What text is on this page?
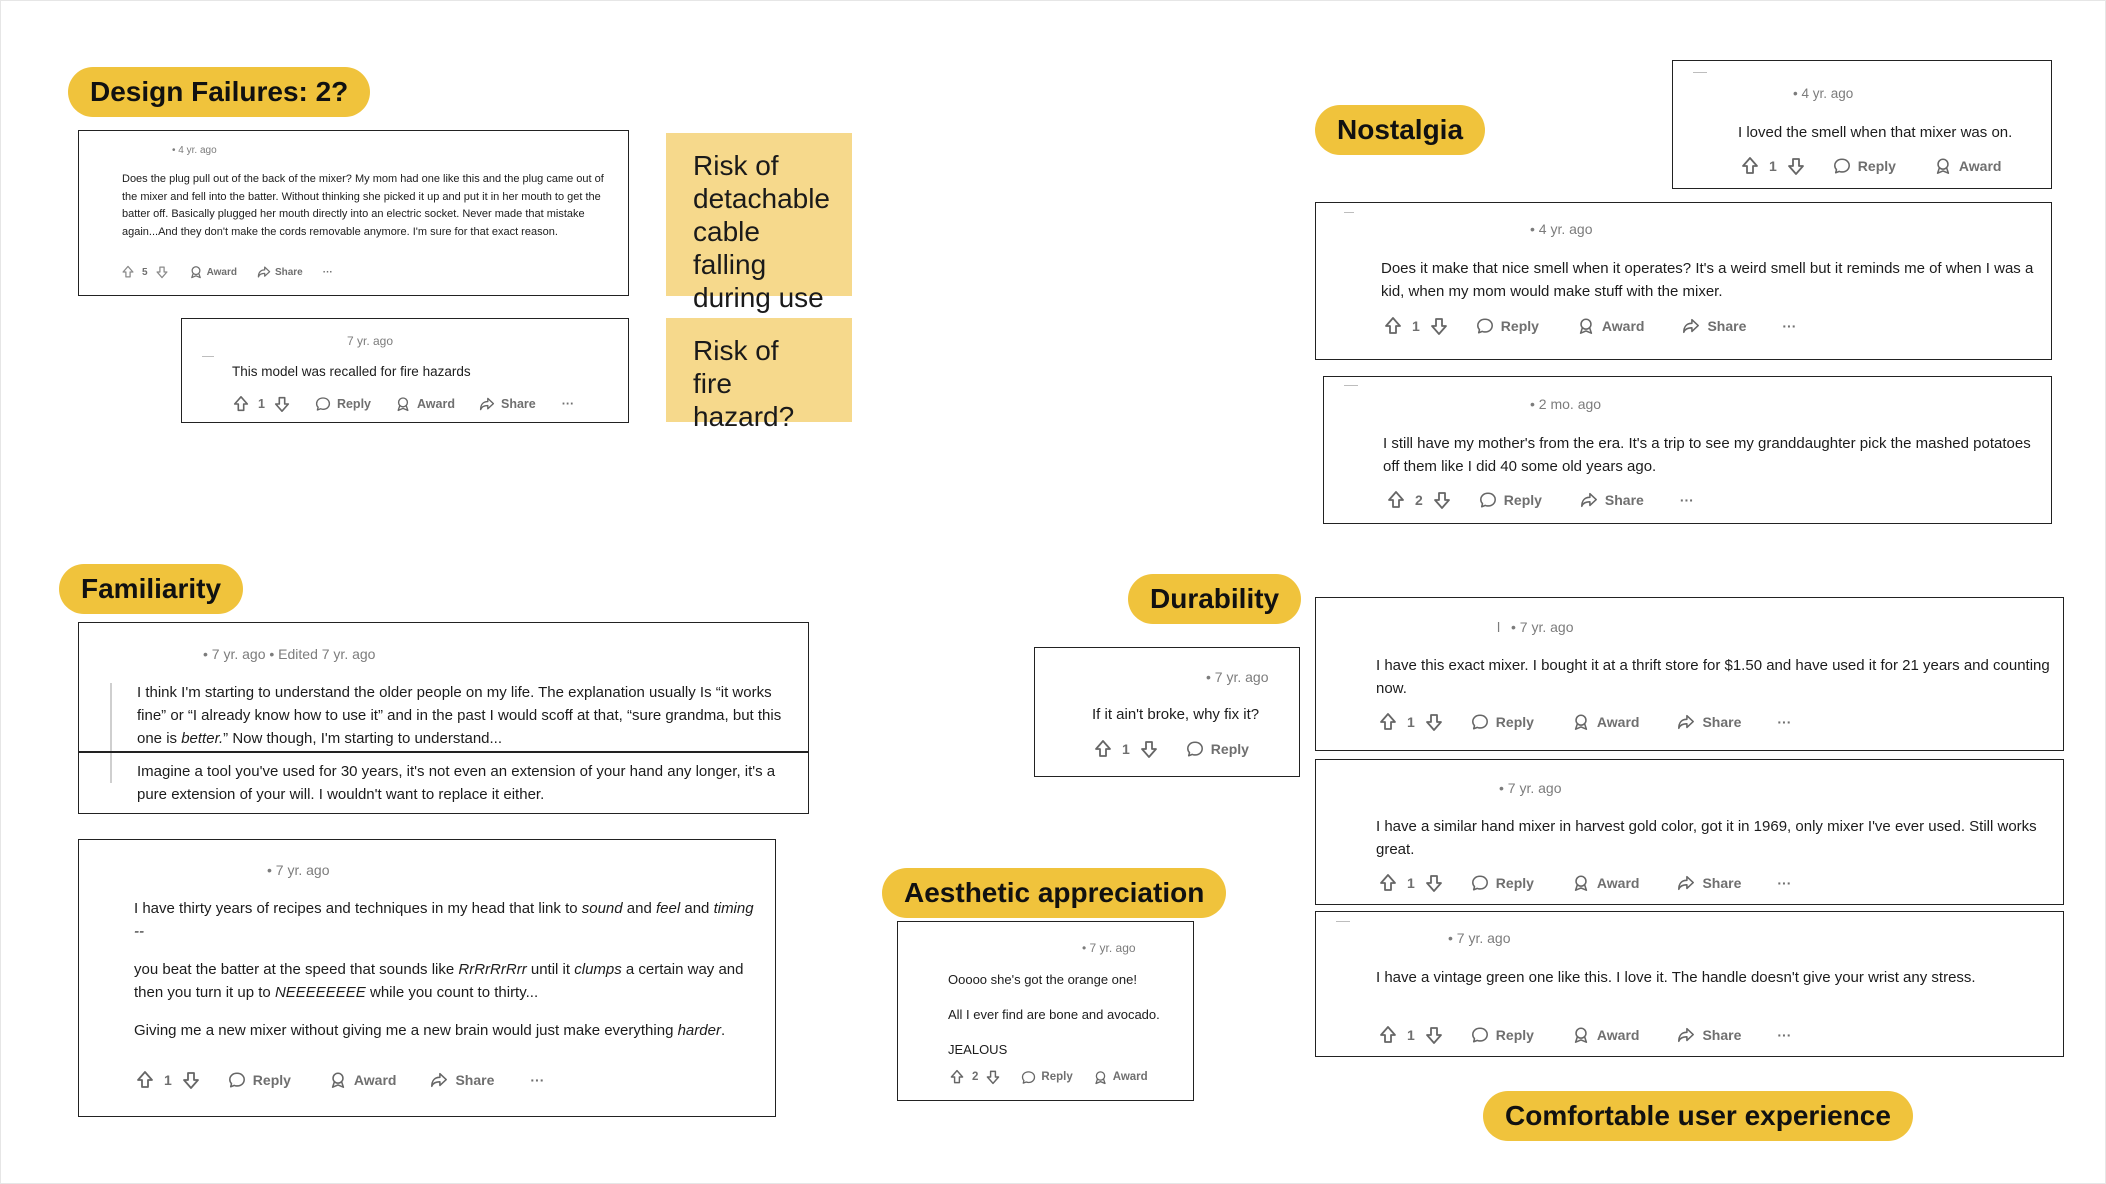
Design Failures: 2?
Nostalgia
Familiarity	Durability
Aesthetic appreciation
Comfortable user experience
Risk of detachable cable falling during use
Risk of fire hazard?
• 4 yr. ago
Does the plug pull out of the back of the mixer? My mom had one like this and the plug came out of the mixer and fell into the batter. Without thinking she picked it up and put it in her mouth to get the batter off. Basically plugged her mouth directly into an electric socket. Never made that mistake again...And they don't make the cords removable anymore. I'm sure for that exact reason.
5	Award	Share ···
7 yr. ago
This model was recalled for fire hazards
1	Reply	Award	Share ···
• 4 yr. ago
I loved the smell when that mixer was on.
1	Reply	Award
• 4 yr. ago
Does it make that nice smell when it operates? It's a weird smell but it reminds me of when I was a kid, when my mom would make stuff with the mixer.
1	Reply	Award	Share	···
• 2 mo. ago
I still have my mother's from the era. It's a trip to see my granddaughter pick the mashed potatoes off them like I did 40 some old years ago.
2	Reply	Share	···
• 7 yr. ago • Edited 7 yr. ago
I think I'm starting to understand the older people on my life. The explanation usually Is “it works fine” or “I already know how to use it” and in the past I would scoff at that, “sure grandma, but this one is better.” Now though, I'm starting to understand...
Imagine a tool you've used for 30 years, it's not even an extension of your hand any longer, it's a pure extension of your will. I wouldn't want to replace it either.
• 7 yr. ago

I have thirty years of recipes and techniques in my head that link to sound and feel and timing --

you beat the batter at the speed that sounds like RrRrRrRrr until it clumps a certain way and then you turn it up to NEEEEEEEE while you count to thirty...

Giving me a new mixer without giving me a new brain would just make everything harder.

1	Reply	Award	Share	···
• 7 yr. ago
If it ain't broke, why fix it?
1	Reply
• 7 yr. ago
Ooooo she's got the orange one!
All I ever find are bone and avocado.
JEALOUS
2	Reply	Award
l • 7 yr. ago
I have this exact mixer. I bought it at a thrift store for $1.50 and have used it for 21 years and counting now.
1	Reply	Award	Share	···
• 7 yr. ago
I have a similar hand mixer in harvest gold color, got it in 1969, only mixer I've ever used. Still works great.
1	Reply	Award	Share	···
• 7 yr. ago
I have a vintage green one like this. I love it. The handle doesn't give your wrist any stress.
1	Reply	Award	Share	···
